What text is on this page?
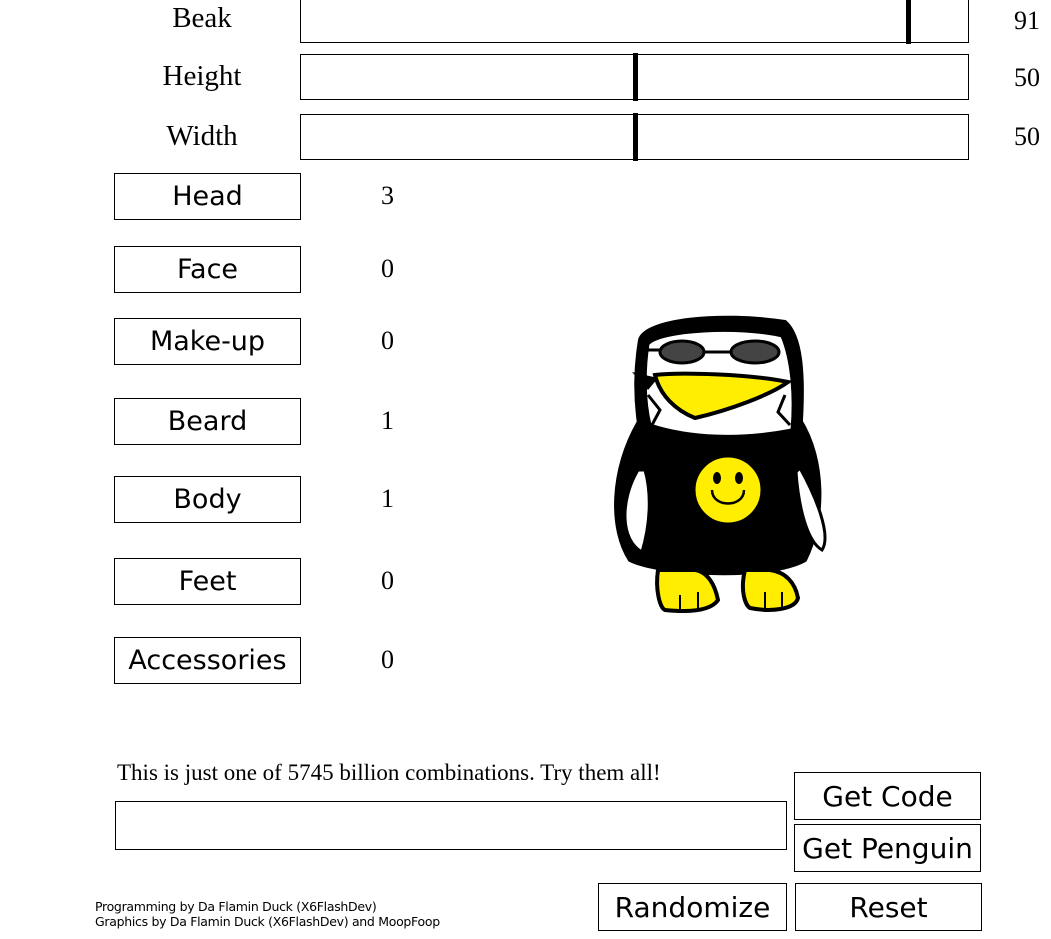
Beak	91
Height	50
Width	50
Head	3
Face	0
Make-up	0
Beard	1
Body	1
Feet	0
Accessories	0
This is just one of 5745 billion combinations. Try them all!
Get Code
Get Penguin
Randomize	Reset
Programming by Da Flamin Duck (X6FlashDev)
Graphics by Da Flamin Duck (X6FlashDev) and MoopFoop
